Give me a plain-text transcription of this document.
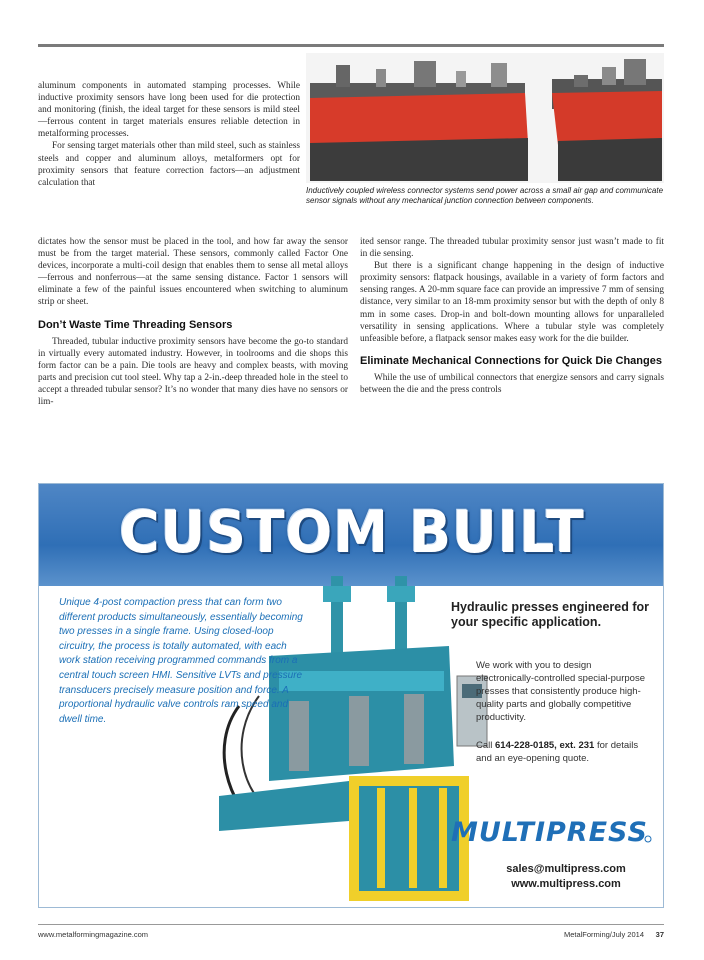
Inductively coupled wireless connector systems send power across a small air gap and communicate sensor signals without any mechanical junction connection between components.

aluminum components in automated stamping processes. While inductive proximity sensors have long been used for die protection and monitoring (finish, the ideal target for these sensors is mild steel—ferrous content in target materials ensures reliable detection in metalforming processes.

For sensing target materials other than mild steel, such as stainless steels and copper and aluminum alloys, metalformers opt for proximity sensors that feature correction factors—an adjustment calculation that

dictates how the sensor must be placed in the tool, and how far away the sensor must be from the target material. These sensors, commonly called Factor One devices, incorporate a multi-coil design that enables them to sense all metal alloys—ferrous and nonferrous—at the same sensing distance. Factor 1 sensors will eliminate a few of the painful issues encountered when switching to aluminum strip or sheet.

Don’t Waste Time Threading Sensors

Threaded, tubular inductive proximity sensors have become the go-to standard in virtually every automated industry. However, in toolrooms and die shops this form factor can be a pain. Die tools are heavy and complex beasts, with moving parts and precision cut tool steel. Why tap a 2-in.-deep threaded hole in the steel to accept a threaded tubular sensor? It’s no wonder that many dies have no sensors or lim-

ited sensor range. The threaded tubular proximity sensor just wasn’t made to fit in die sensing.

But there is a significant change happening in the design of inductive proximity sensors: flatpack housings, available in a variety of form factors and sensing ranges. A 20-mm square face can provide an impressive 7 mm of sensing distance, very similar to an 18-mm proximity sensor but with the depth of only 8 mm in some cases. Drop-in and bolt-down mounting allows for unparalleled versatility in sensing applications. Where a tubular style was completely unfeasible before, a flatpack sensor makes easy work for the die builder.

Eliminate Mechanical Connections for Quick Die Changes

While the use of umbilical connectors that energize sensors and carry signals between the die and the press controls

CUSTOM BUILT
Unique 4-post compaction press that can form two different products simultaneously, essentially becoming two presses in a single frame. Using closed-loop circuitry, the process is totally automated, with each work station receiving programmed commands from a central touch screen HMI. Sensitive LVTs and pressure transducers precisely measure position and force. A proportional hydraulic valve controls ram speed and dwell time.
Hydraulic presses engineered for your specific application.
We work with you to design electronically-controlled special-purpose presses that consistently produce high-quality parts and globally competitive productivity.
Call 614-228-0185, ext. 231 for details and an eye-opening quote.
MULTIPRESS
sales@multipress.com
www.multipress.com
www.metalformingmagazine.com	MetalForming/July 2014 37
